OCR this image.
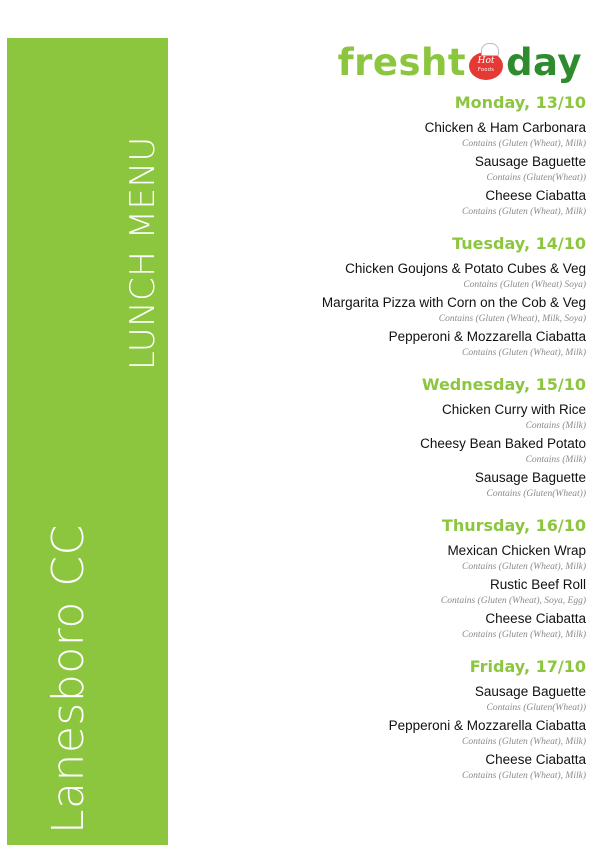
LUNCH MENU
Lanesboro CC
fresh t	Hot
Foods day
Monday, 13/10
Chicken & Ham Carbonara
Contains (Gluten (Wheat), Milk)
Sausage Baguette
Contains (Gluten(Wheat))
Cheese Ciabatta
Contains (Gluten (Wheat), Milk)
Tuesday, 14/10
Chicken Goujons & Potato Cubes & Veg
Contains (Gluten (Wheat) Soya)
Margarita Pizza with Corn on the Cob & Veg
Contains (Gluten (Wheat), Milk, Soya)
Pepperoni & Mozzarella Ciabatta
Contains (Gluten (Wheat), Milk)
Wednesday, 15/10
Chicken Curry with Rice
Contains (Milk)
Cheesy Bean Baked Potato
Contains (Milk)
Sausage Baguette
Contains (Gluten(Wheat))
Thursday, 16/10
Mexican Chicken Wrap
Contains (Gluten (Wheat), Milk)
Rustic Beef Roll
Contains (Gluten (Wheat), Soya, Egg)
Cheese Ciabatta
Contains (Gluten (Wheat), Milk)
Friday, 17/10
Sausage Baguette
Contains (Gluten(Wheat))
Pepperoni & Mozzarella Ciabatta
Contains (Gluten (Wheat), Milk)
Cheese Ciabatta
Contains (Gluten (Wheat), Milk)
